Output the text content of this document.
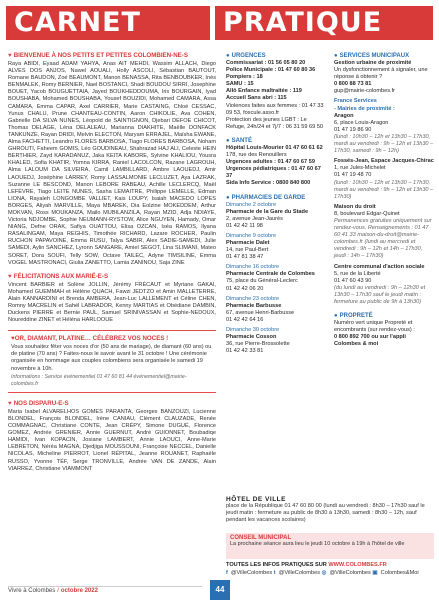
CARNET	PRATIQUE
♥ BIENVENUE À NOS PETITS ET PETITES COLOMBIEN-NE-S
Raya ABIDI, Eyaad ADAM YAHYA, Anas AIT MEHDI, Wassim ALLACH, Diego ALVES DOS ANJOS, Nawel AOUALI, Holly ASCOLI, Sébastian BAUTOUT, Romane BAUDON, Zoé BEAUMONT, Manon BENASSA, Rita BENBOUBKER, Inès BENMALEK, Romy BERNIER, Nael BOSTANCI, Shadi BOUDOU SIRRI, Josephine BOUET, Yacob BOUGUETTAIA, Jayed BOUKHEDDOUMA, Iris BOURGAIN, Iyad BOUSHABA, Mohamed BOUSHABA, Yousef BOUZIDI, Mohamed CAMARA, Assa CAMARA, Emma CAPAR, Axel CARRIER, Marie CASTAING, Chloé CESSAC, Yunus CHALU, Prune CHANTEAU-CONTIN, Aaron CHIKOLIE, Ava COHEN, Gabrielle DA SILVA NUNES, Léopold de SAINTIGNON, Djebari DEFOE CHICOT, Thomas DELAGE, Léna DELALEAU, Marianna DIAKHITE, Maëlle DONFACK TANKUNZE, Rayan DRIDI, Melvin ELECTON, Maryam ERRAJEL, Maïsha EWANE, Alma FACHETTI, Leandro FLORES BARBOSA, Tiago FLORES BARBOSA, Noham GHROUTI, Faheem GOMIS, Léo GOUDINEAU, Shahrazad HAJ ALI, Celeste HEIN BERTHIER, Zayd KARADANUZ, Jaka KEITA KABORE, Sylvine KHALIOU, Yousra KHALED, Sofia KHATIR, Yomna KIRRA, Raniel LACOLCON, Razane LAGROUH, Alma LALOUM DA SILVEIRA, Camil LAMBILLARD, Ambre LAOUEDJ, Amir LAOUEDJ, Joséphine LARREY, Romy LASSALMONIE LECLUZET, Aya LAZRAK, Suzanne LE BESCOND, Manon LEBORE RABEAU, Achille LECLERCQ, Maël LEFÈVRE, Tiago LEITE NUNES, Sasha LEMAITRE, Philippe LEMELLE, Edman LIONA, Rayaleh LONGOMBE VALLIET, Kais LOUPY, Isaiah MACEDO LOPES BORGES, Aliyah MARVILLE, Maya MBAREK, Dia Eolzine MOKEDDEM, Arthur MOKVAN, Ross MOUKANZA, Mailo MUBILANZILA, Rayan MZID, Adja NDIAYE, Victoria NDJOMBE, Sophie NEUMANN-RYSTOW, Alice NGUYEN, Hamady, Omar NIANG, Defne ORAK, Safiya OUATTOU, Elisa OZCAN, Iséa RAMOS, Ilyana RASALINGAM, Maya REGHIS, Timothée RICHARD, Lazare ROCHER, Paulin RUCHON PAPAVOINE, Emma RUSU, Talya SABIR, Alex SADIE-SAMEDI, Julie SAMEDI, Aylin SANCHEZ, Lyronn SANGARE, Amiel SEGOT, Lina SLIMANI, Mateo SORET, Dora SOUFI, Telly SOW, Octave TAILEC, Adyne TIMSILINE, Emma VOGEL MASTRONACI, Giulia ZANETTO, Lamia ZANINOU, Saja ZINE
♥ FÉLICITATIONS AUX MARIÉ-E-S
Vincent BARBIER et Solène JOLLIN, Jérémy FRÉCAUT et Myriane GAKAI, Mohamed GUEMMAH et Hélène QUACH, Fawzi JEDTZO et Amin MALLETERRE, Alain KANNARDINI et Brenda AMBERA, Jean-Luc LALLEMENT et Céline CHEN, Romny MACRELIN et Sahél LABRADOR, Kenny MARTIAS et Obédiane DAMBIN, Duckens PIERRE et Bernie PAUL, Samuel SRINIVASSAN et Sophie-NEDOUX, Noureddine ZINET et Héléna HARLOOUE
♥OR, DIAMANT, PLATINE… CÉLÉBREZ VOS NOCES !
Vous souhaitez fêter vos noces d'or (50 ans de mariage), de diamant (60 ans) ou de platine (70 ans) ? Faites-nous le savoir avant le 31 octobre ! Une cérémonie organisée en hommage aux couples colombiens sera organisée le samedi 19 novembre à 10h.
Informations : Service événementiel 01 47 60 81 44 événementiel@mairie-colombes.fr
♥ NOS DISPARU-E-S
Maria Isabel ALVARELHOS GOMES PARANTA, Georges BANZOUZI, Lucienne BLONDEL, François BLONDEL, Irène CANIAU, Clément CLAUZADE, Renée COMMAGNAC, Christiane CONTE, Jean CRÉPY, Simone DUGUÉ, Florence GOMEZ, Andrée GRENIER, Annie GUERNUT, André GUIONNET, Boubadiqe HAMIDI, Ivan KOPACIN, Josiane LAMBERT, Annie LAOUCI, Anne-Marie LEBRETON, Néréa MAGNA, Djedjiga MOUSSOUNI, Françoise NECCEL, Danielle NICOLAS, Micheline PIERROT, Lionel RÉPITAL, Jeanne ROUANET, Raphaële RUSSO, Yvonne TÉF, Serge TRONVILLE, Andrée VAN DE ZANDE, Alain VIARREZ, Christiane VIAMMONT
● URGENCES
Commissariat : 01 56 05 80 20
Police Municipale : 01 47 60 80 36
Pompiers : 18
SAMU : 15
Allô Enfance maltraitée : 119
Accueil Sans abri : 115
Violences faites aux femmes : 01 47 33 09 53, foscule.asso.fr
Protection des jeunes LGBT : Le Refuge, 24h/24 et 7j/7 : 06 31 59 69 50
● SANTÉ
Hôpital Louis-Mourier 01 47 60 61 62
178, rue des Renouillers
Urgences adultes : 01 47 60 67 59
Urgences pédiatriques : 01 47 60 67 37
Sida Info Service : 0800 840 800
● PHARMACIES DE GARDE
Dimanche 2 octobre
Pharmacie de la Gare du Stade
2, avenue Jean-Jaurès
01 42 42 11 98
Dimanche 9 octobre
Pharmacie Dalet
14, rue Paul-Bert
01 47 81 38 47
Dimanche 16 octobre
Pharmacie Centrale de Colombes
75, place du Général-Leclerc
01 42 42 06 20
Dimanche 23 octobre
Pharmacie Barbusse
67, avenue Henri-Barbusse
01 42 42 64 16
Dimanche 30 octobre
Pharmacie Cosson
36, rue Pierre-Brossolette
01 42 42 33 81
● SERVICES MUNICIPAUX
Gestion urbaine de proximité
Un dysfonctionnement à signaler, une réponse à obtenir ?
0 800 88 73 81
gup@mairie-colombes.fr
France Services
- Mairies de proximité :
Aragon
6, place Louis-Aragon
01 47 19 86 90
(lundi : 10h30 – 12h et 13h30 – 17h30, mardi au vendredi : 9h – 12h et 13h30 – 17h30, samedi : 9h – 12h)
Fossés-Jean, Espace Jacques-Chirac
1, rue Jules-Michelet
01 47 19 48 70
(lundi : 10h30 – 12h et 13h30 – 17h30, mardi au vendredi : 9h – 12h et 13h30 – 17h30)
Maison du droit
8, boulevard Edgar-Quinet
Permanences gratuites uniquement sur rendez-vous. Renseignements : 01 47 60 41 33 maison-du-droit@mairie-colombes.fr (lundi au mercredi et vendredi : 9h – 12h et 14h – 17h30, jeudi : 14h – 17h30)
Centre communal d'action sociale
5, rue de la Liberté
01 47 60 43 90
(du lundi au vendredi : 9h – 12h30 et 13h30 – 17h30 sauf le jeudi matin : fermeture au public de 9h à 13h30)
● PROPRETÉ
Numéro vert unique Propreté et encombrants (sur rendez-vous) :
0 800 892 700 ou sur l'appli Colombes & moi
HÔTEL DE VILLE
place de la République 01 47 60 80 00 (lundi au vendredi : 8h30 – 17h30 sauf le jeudi matin : fermeture au public de 8h30 à 13h30, samedi : 8h30 – 12h, sauf pendant les vacances scolaires)
CONSEIL MUNICIPAL
La prochaine séance aura lieu le jeudi 10 octobre à 19h à l'hôtel de ville
TOUTES LES INFOS PRATIQUES SUR WWW.COLOMBES.FR
f @VilleColombes t @VilleColombes ◎ @VilleColombes ▣ Colombes&Moi
Vivre à Colombes / octobre 2022	44
